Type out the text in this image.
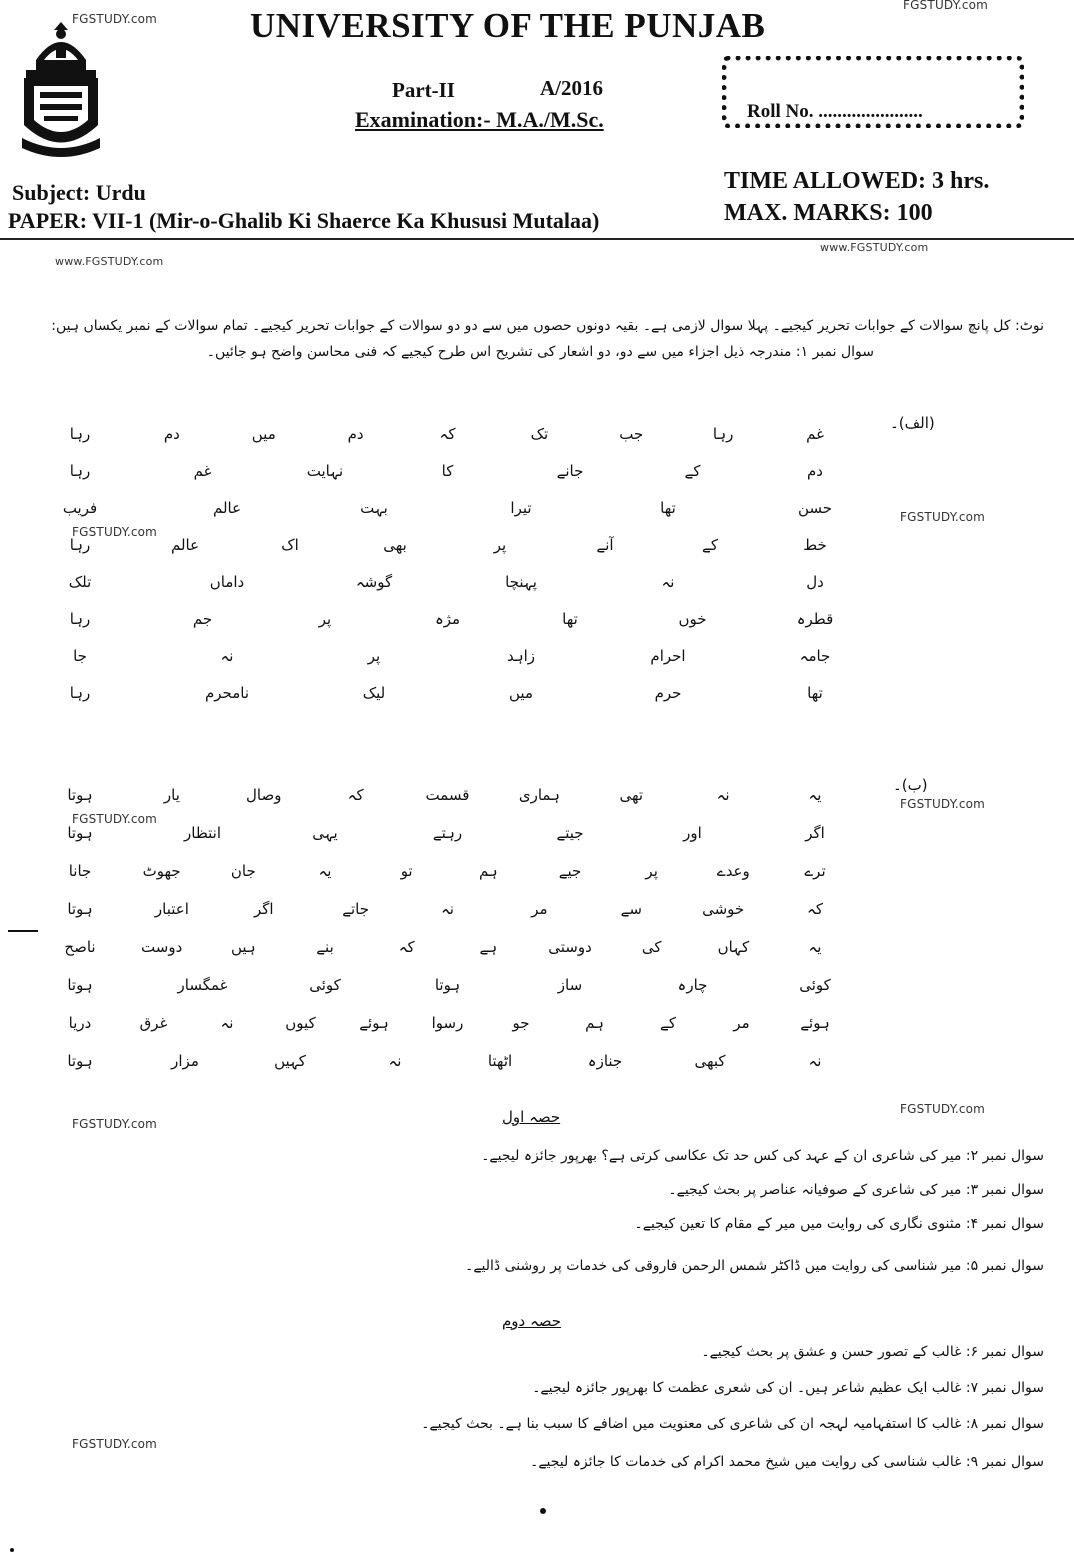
FGSTUDY.com
FGSTUDY.com
www.FGSTUDY.com
www.FGSTUDY.com
FGSTUDY.com
FGSTUDY.com
FGSTUDY.com
FGSTUDY.com
FGSTUDY.com
FGSTUDY.com
FGSTUDY.com
UNIVERSITY OF THE PUNJAB
Part-II	A/2016
Examination:- M.A./M.Sc.	Roll No. ......................
Subject: Urdu
PAPER: VII-1 (Mir-o-Ghalib Ki Shaerce Ka Khususi Mutalaa)
TIME ALLOWED: 3 hrs.
MAX. MARKS: 100
نوٹ: کل پانچ سوالات کے جوابات تحریر کیجیے۔ پہلا سوال لازمی ہے۔ بقیہ دونوں حصوں میں سے دو دو سوالات کے جوابات تحریر کیجیے۔ تمام سوالات کے نمبر یکساں ہیں:
سوال نمبر ۱: مندرجہ ذیل اجزاء میں سے دو، دو اشعار کی تشریح اس طرح کیجیے کہ فنی محاسن واضح ہو جائیں۔
(الف)۔
(ب)۔
حصہ اول
سوال نمبر ۲: میر کی شاعری ان کے عہد کی کس حد تک عکاسی کرتی ہے؟ بھرپور جائزہ لیجیے۔
سوال نمبر ۳: میر کی شاعری کے صوفیانہ عناصر پر بحث کیجیے۔
سوال نمبر ۴: مثنوی نگاری کی روایت میں میر کے مقام کا تعین کیجیے۔
سوال نمبر ۵: میر شناسی کی روایت میں ڈاکٹر شمس الرحمن فاروقی کی خدمات پر روشنی ڈالیے۔
حصہ دوم
سوال نمبر ۶: غالب کے تصور حسن و عشق پر بحث کیجیے۔
سوال نمبر ۷: غالب ایک عظیم شاعر ہیں۔ ان کی شعری عظمت کا بھرپور جائزہ لیجیے۔
سوال نمبر ۸: غالب کا استفہامیہ لہجہ ان کی شاعری کی معنویت میں اضافے کا سبب بنا ہے۔ بحث کیجیے۔
سوال نمبر ۹: غالب شناسی کی روایت میں شیخ محمد اکرام کی خدمات کا جائزہ لیجیے۔
غم
رہا
جب
تک
کہ
دم
میں
دم
رہا
دم
کے
جانے
کا
نہایت
غم
رہا
حسن
تھا
تیرا
بہت
عالم
فریب
خط
کے
آنے
پر
بھی
اک
عالم
رہا
دل
نہ
پہنچا
گوشہ
داماں
تلک
قطرہ
خوں
تھا
مژہ
پر
جم
رہا
جامہ
احرام
زاہد
پر
نہ
جا
تھا
حرم
میں
لیک
نامحرم
رہا
یہ
نہ
تھی
ہماری
قسمت
کہ
وصال
یار
ہوتا
اگر
اور
جیتے
رہتے
یہی
انتظار
ہوتا
ترے
وعدے
پر
جیے
ہم
تو
یہ
جان
جھوٹ
جانا
کہ
خوشی
سے
مر
نہ
جاتے
اگر
اعتبار
ہوتا
یہ
کہاں
کی
دوستی
ہے
کہ
بنے
ہیں
دوست
ناصح
کوئی
چارہ
ساز
ہوتا
کوئی
غمگسار
ہوتا
ہوئے
مر
کے
ہم
جو
رسوا
ہوئے
کیوں
نہ
غرق
دریا
نہ
کبھی
جنازہ
اٹھتا
نہ
کہیں
مزار
ہوتا
